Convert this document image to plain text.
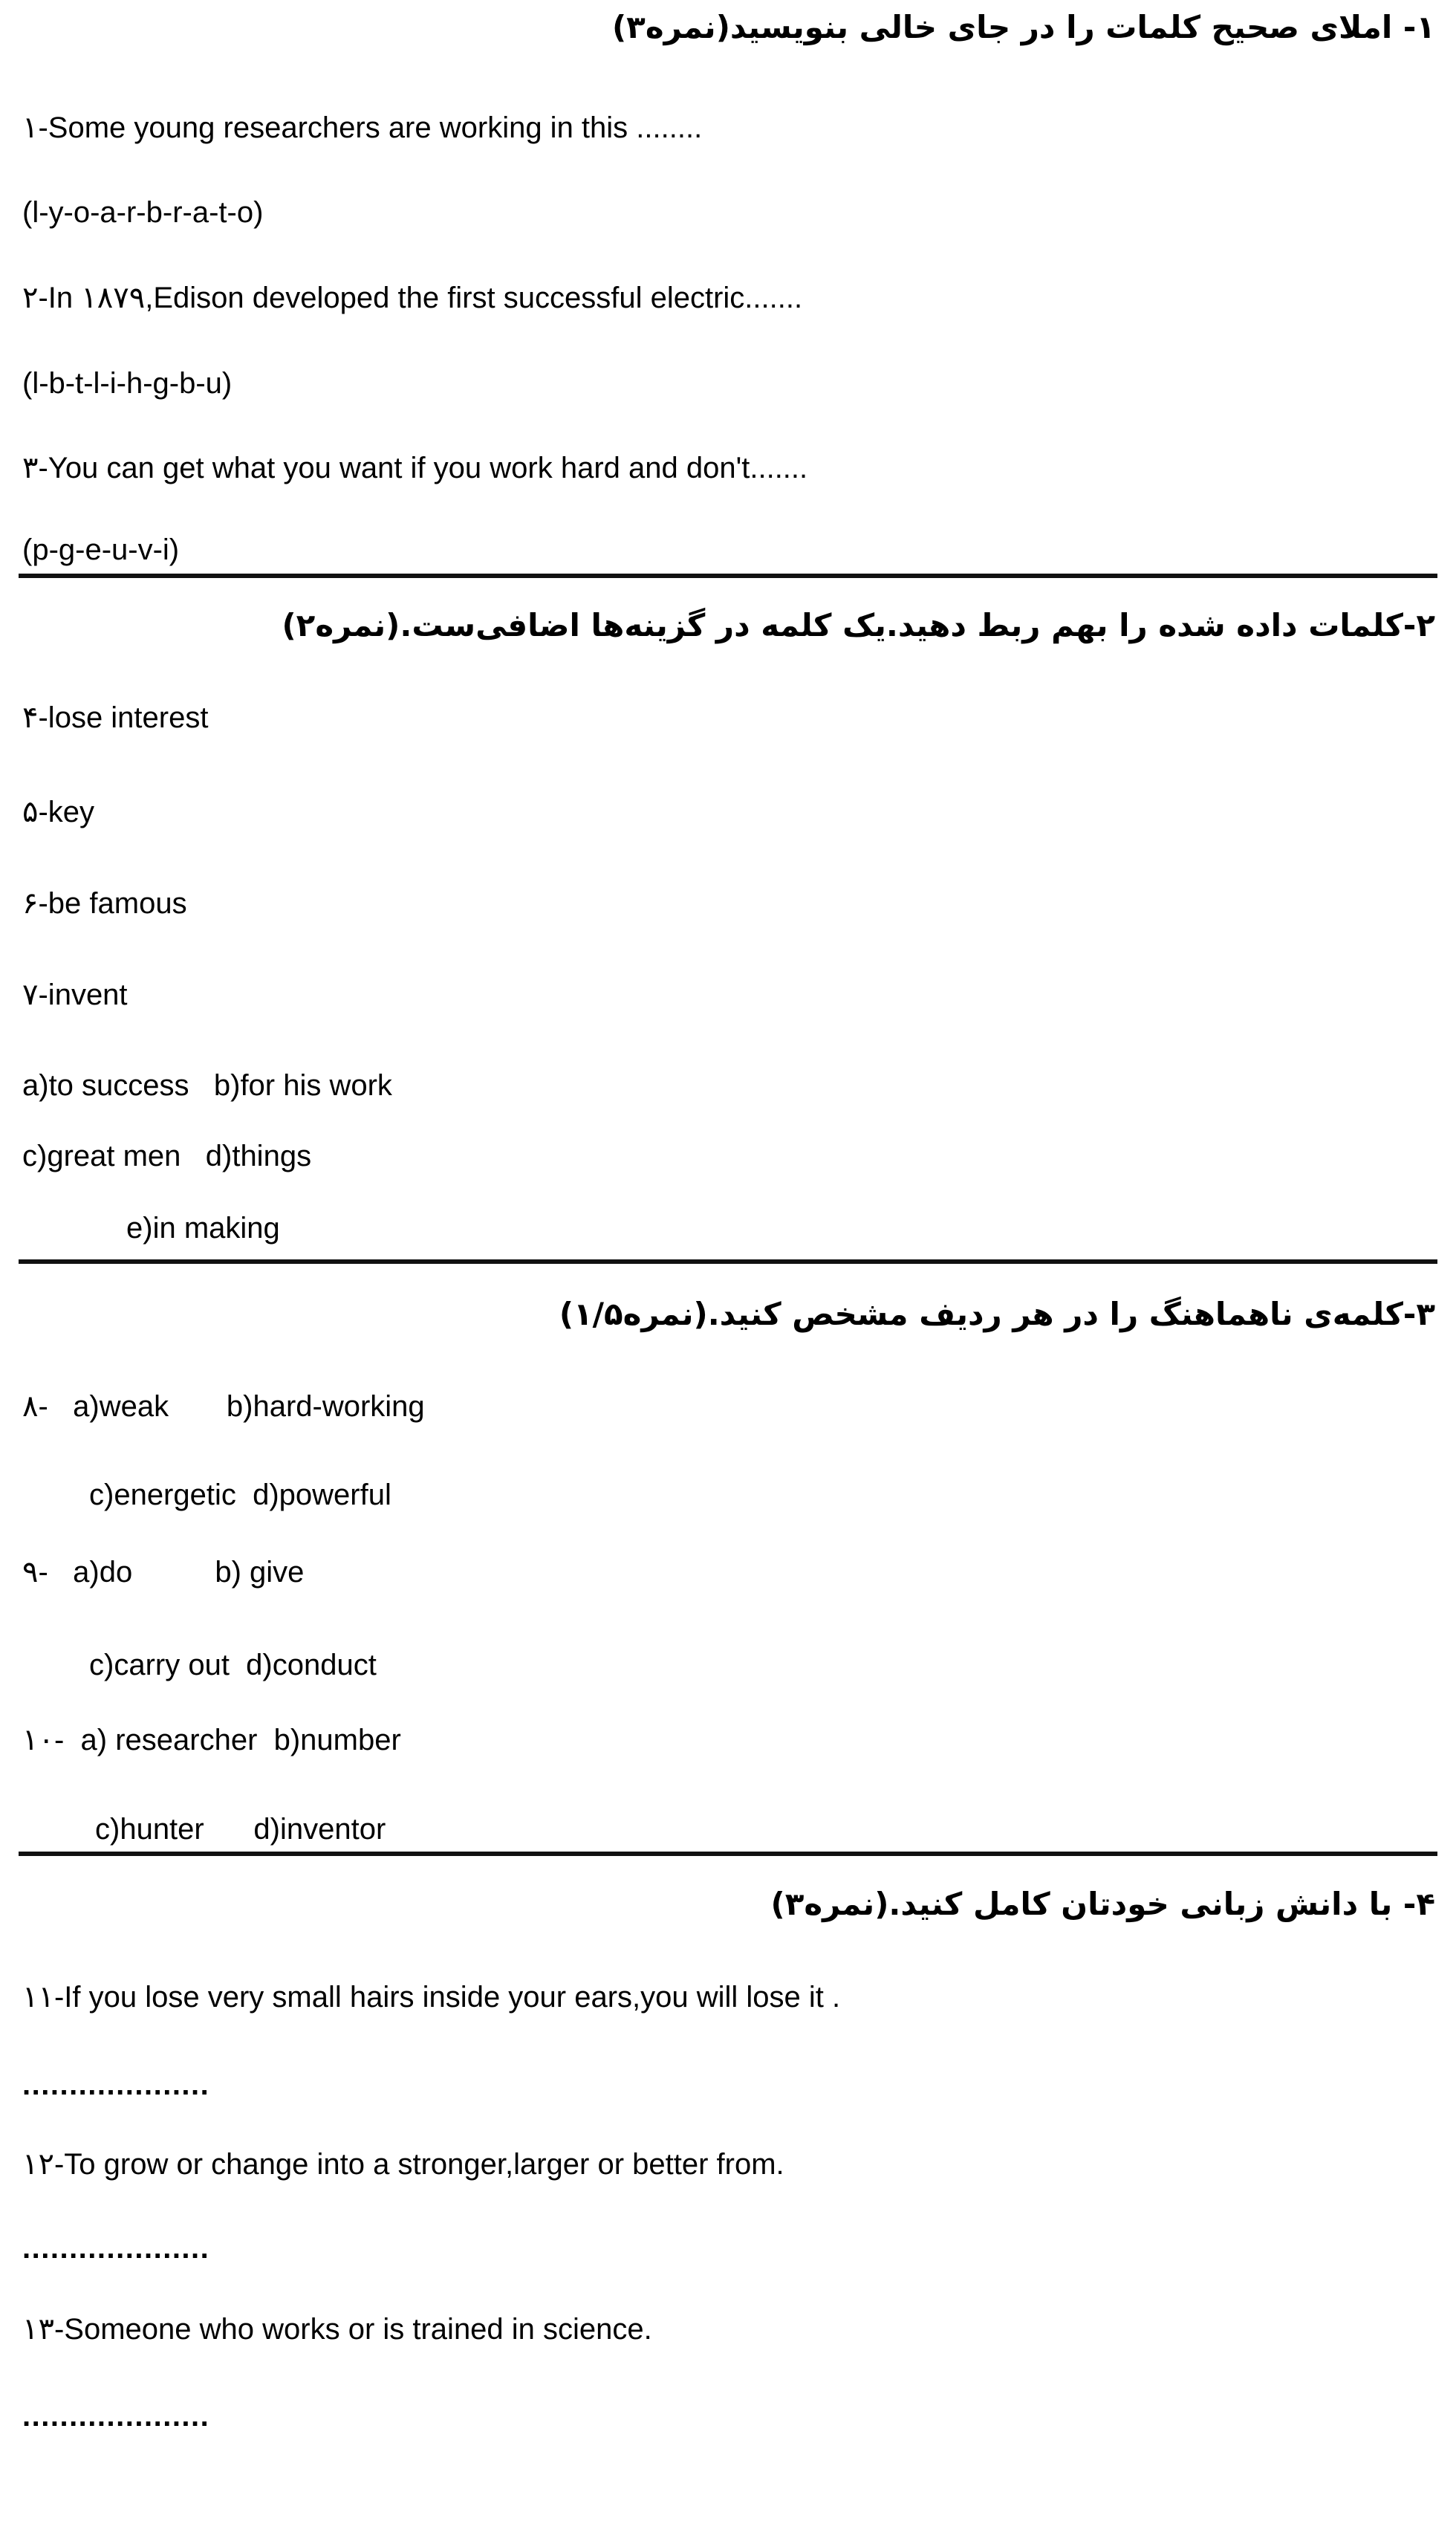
۱- املای صحیح کلمات را در جای خالی بنویسید(۳نمره)
۱-Some young researchers are working in this ........
(l-y-o-a-r-b-r-a-t-o)
۲-In ۱۸۷۹,Edison developed the first successful electric.......
(l-b-t-l-i-h-g-b-u)
۳-You can get what you want if you work hard and don't.......
(p-g-e-u-v-i)
۲-کلمات داده شده را بهم ربط دهید.یک کلمه در گزینه‌ها اضافی‌ست.(۲نمره)
۴-lose interest
۵-key
۶-be famous
۷-invent
a)to success   b)for his work
c)great men   d)things
e)in making
۳-کلمه‌ی ناهماهنگ را در هر ردیف مشخص کنید.(۱/۵نمره)
۸-   a)weak       b)hard-working
c)energetic  d)powerful
۹-   a)do          b) give
c)carry out  d)conduct
۱۰-  a) researcher  b)number
c)hunter      d)inventor
۴- با دانش زبانی خودتان کامل کنید.(۳نمره)
۱۱-If you lose very small hairs inside your ears,you will lose it .
....................
۱۲-To grow or change into a stronger,larger or better from.
....................
۱۳-Someone who works or is trained in science.
....................
